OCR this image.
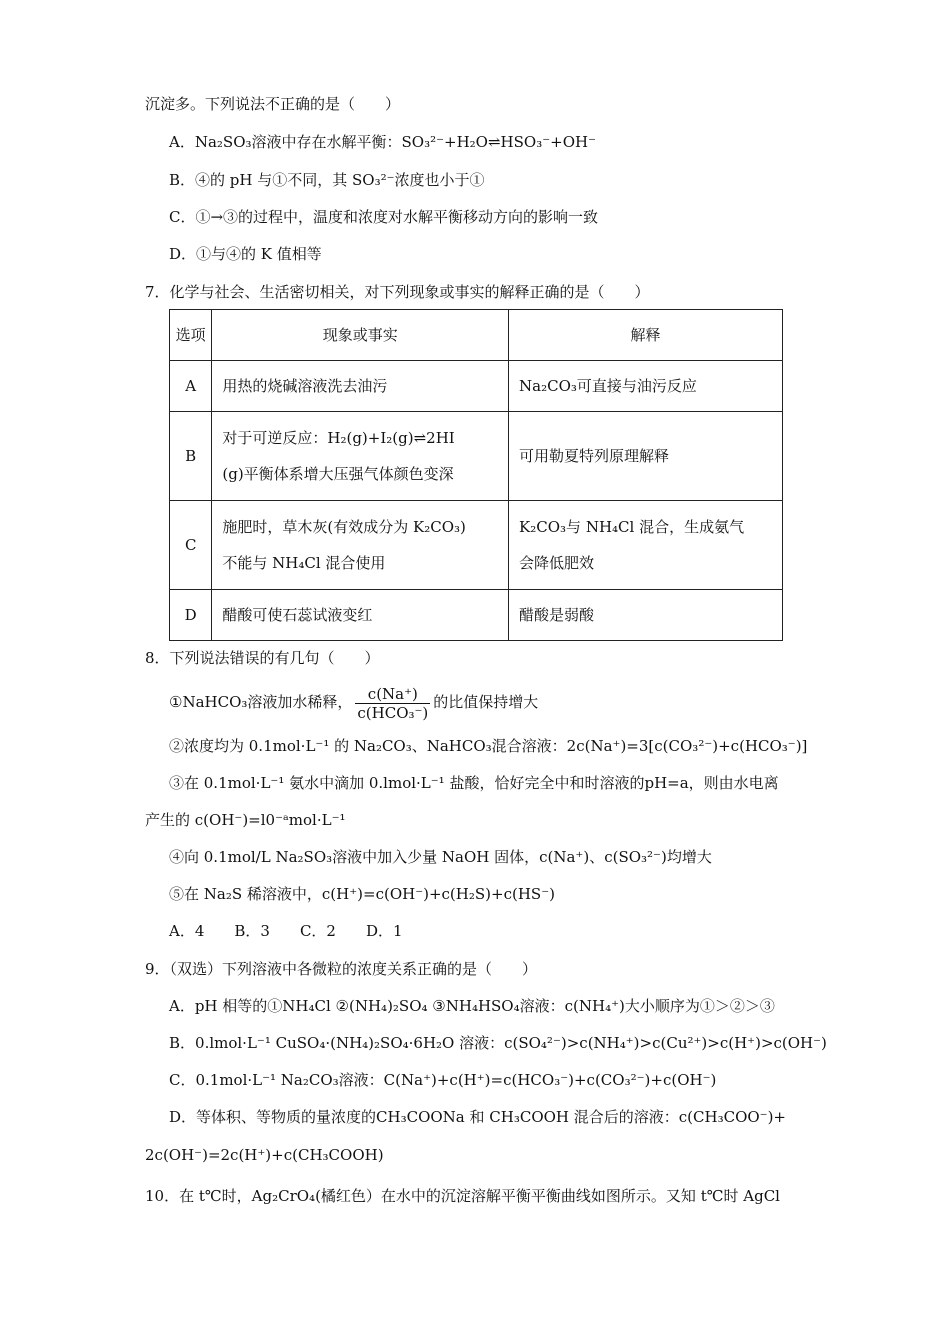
沉淀多。下列说法不正确的是（　　）
A．Na₂SO₃溶液中存在水解平衡：SO₃²⁻+H₂O⇌HSO₃⁻+OH⁻
B．④的 pH 与①不同，其 SO₃²⁻浓度也小于①
C．①→③的过程中，温度和浓度对水解平衡移动方向的影响一致
D．①与④的 K 值相等
7．化学与社会、生活密切相关，对下列现象或事实的解释正确的是（　　）
选项	现象或事实	解释
A	用热的烧碱溶液洗去油污	Na₂CO₃可直接与油污反应

B	对于可逆反应：H₂(g)+I₂(g)⇌2HI
(g)平衡体系增大压强气体颜色变深	可用勒夏特列原理解释

C	施肥时，草木灰(有效成分为 K₂CO₃)
不能与 NH₄Cl 混合使用	K₂CO₃与 NH₄Cl 混合，生成氨气
会降低肥效

D	醋酸可使石蕊试液变红	醋酸是弱酸
8．下列说法错误的有几句（　　）
①NaHCO₃溶液加水稀释，	c(Na⁺)
c(HCO₃⁻)
的比值保持增大
②浓度均为 0.1mol·L⁻¹ 的 Na₂CO₃、NaHCO₃混合溶液：2c(Na⁺)=3[c(CO₃²⁻)+c(HCO₃⁻)]
③在 0.1mol·L⁻¹ 氨水中滴加 0.lmol·L⁻¹ 盐酸，恰好完全中和时溶液的pH=a，则由水电离
产生的 c(OH⁻)=l0⁻ᵃmol·L⁻¹
④向 0.1mol/L Na₂SO₃溶液中加入少量 NaOH 固体，c(Na⁺)、c(SO₃²⁻)均增大
⑤在 Na₂S 稀溶液中，c(H⁺)=c(OH⁻)+c(H₂S)+c(HS⁻)
A．4　　B．3　　C．2　　D．1
9．（双选）下列溶液中各微粒的浓度关系正确的是（　　）
A．pH 相等的①NH₄Cl ②(NH₄)₂SO₄ ③NH₄HSO₄溶液：c(NH₄⁺)大小顺序为①＞②＞③
B．0.lmol·L⁻¹ CuSO₄·(NH₄)₂SO₄·6H₂O 溶液：c(SO₄²⁻)>c(NH₄⁺)>c(Cu²⁺)>c(H⁺)>c(OH⁻)
C．0.1mol·L⁻¹ Na₂CO₃溶液：C(Na⁺)+c(H⁺)=c(HCO₃⁻)+c(CO₃²⁻)+c(OH⁻)
D．等体积、等物质的量浓度的CH₃COONa 和 CH₃COOH 混合后的溶液：c(CH₃COO⁻)+
2c(OH⁻)=2c(H⁺)+c(CH₃COOH)
10．在 t℃时，Ag₂CrO₄(橘红色）在水中的沉淀溶解平衡平衡曲线如图所示。又知 t℃时 AgCl
